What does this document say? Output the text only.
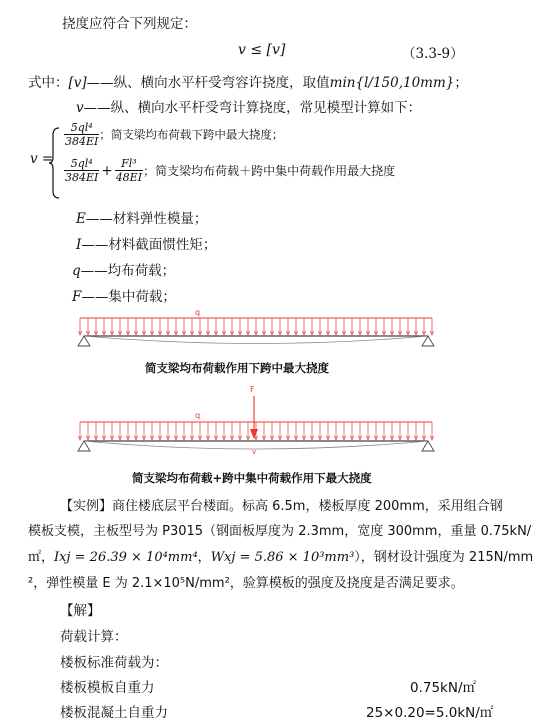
挠度应符合下列规定：
v ≤ [v]	（3.3-9）
式中：[v]——纵、横向水平杆受弯容许挠度，取值min{l/150,10mm}；
v——纵、横向水平杆受弯计算挠度，常见模型计算如下：
v =
$\frac{\text{5ql⁴}}{384EI}$ ；简支梁均布荷载下跨中最大挠度；
$\frac{\text{5ql⁴}}{384EI} + \frac{\text{Fl³}}{48EI}$ ；简支梁均布荷载＋跨中集中荷载作用最大挠度
E——材料弹性模量；
I——材料截面惯性矩；
q——均布荷载；
F——集中荷载；
q
简支梁均布荷载作用下跨中最大挠度
F
q
v
简支梁均布荷载+跨中集中荷载作用下最大挠度
【实例】商住楼底层平台楼面。标高 6.5m，楼板厚度 200mm，采用组合钢
模板支模，主板型号为 P3015（钢面板厚度为 2.3mm，宽度 300mm，重量 0.75kN/
㎡，Ixj = 26.39 × 10⁴mm⁴，Wxj = 5.86 × 10³mm³），钢材设计强度为 215N/mm
²，弹性模量 E 为 2.1×10⁵N/mm²，验算模板的强度及挠度是否满足要求。
【解】
荷载计算：
楼板标准荷载为：
楼板模板自重力	0.75kN/㎡
楼板混凝土自重力	25×0.20=5.0kN/㎡
